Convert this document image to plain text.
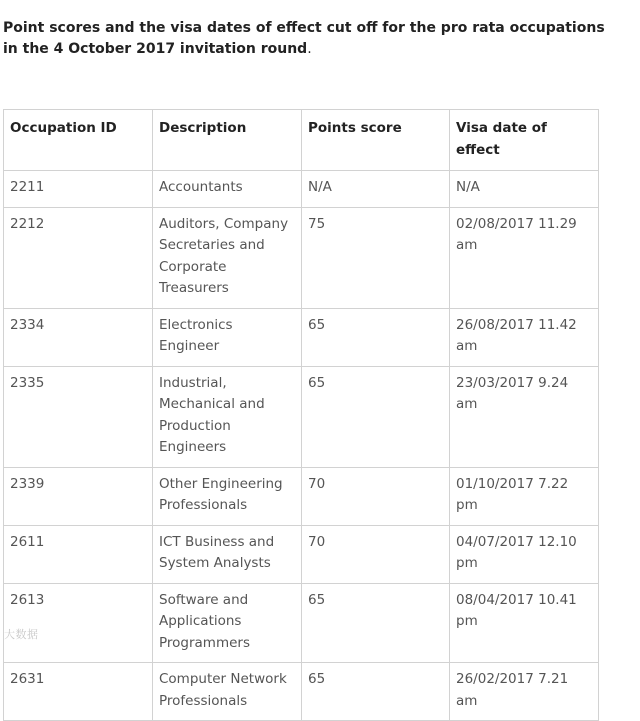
Point scores and the visa dates of effect cut off for the pro rata occupations in the 4 October 2017 invitation round.
Occupation ID	Description	Points score	Visa date of effect
2211	Accountants	N/A	N/A
2212	Auditors, Company Secretaries and Corporate Treasurers	75	02/08/2017 11.29 am
2334	Electronics Engineer	65	26/08/2017 11.42 am
2335	Industrial, Mechanical and Production Engineers	65	23/03/2017 9.24 am
2339	Other Engineering Professionals	70	01/10/2017 7.22 pm
2611	ICT Business and System Analysts	70	04/07/2017 12.10 pm
2613	Software and Applications Programmers	65	08/04/2017 10.41 pm
2631	Computer Network Professionals	65	26/02/2017 7.21 am
大数据
